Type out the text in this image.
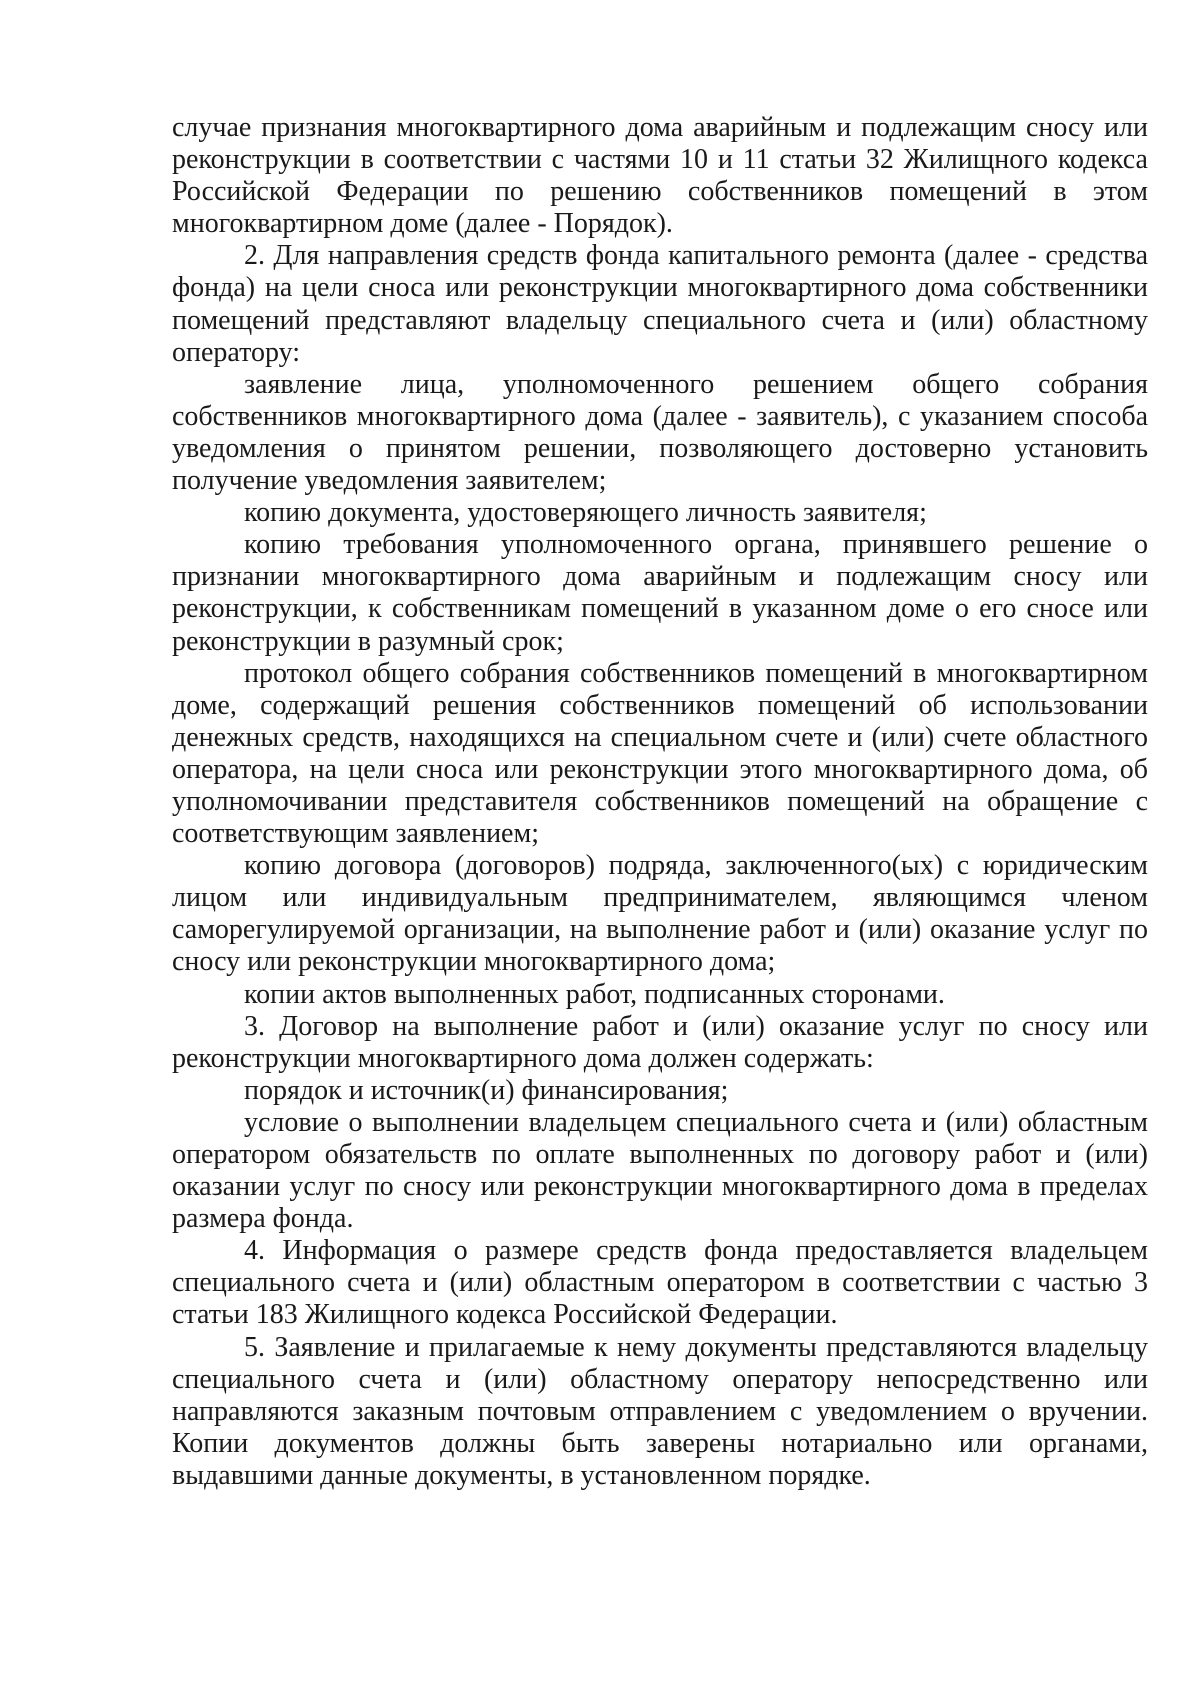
случае признания многоквартирного дома аварийным и подлежащим сносу или реконструкции в соответствии с частями 10 и 11 статьи 32 Жилищного кодекса Российской Федерации по решению собственников помещений в этом многоквартирном доме (далее - Порядок).

2. Для направления средств фонда капитального ремонта (далее - средства фонда) на цели сноса или реконструкции многоквартирного дома собственники помещений представляют владельцу специального счета и (или) областному оператору:

заявление лица, уполномоченного решением общего собрания собственников многоквартирного дома (далее - заявитель), с указанием способа уведомления о принятом решении, позволяющего достоверно установить получение уведомления заявителем;

копию документа, удостоверяющего личность заявителя;

копию требования уполномоченного органа, принявшего решение о признании многоквартирного дома аварийным и подлежащим сносу или реконструкции, к собственникам помещений в указанном доме о его сносе или реконструкции в разумный срок;

протокол общего собрания собственников помещений в многоквартирном доме, содержащий решения собственников помещений об использовании денежных средств, находящихся на специальном счете и (или) счете областного оператора, на цели сноса или реконструкции этого многоквартирного дома, об уполномочивании представителя собственников помещений на обращение с соответствующим заявлением;

копию договора (договоров) подряда, заключенного(ых) с юридическим лицом или индивидуальным предпринимателем, являющимся членом саморегулируемой организации, на выполнение работ и (или) оказание услуг по сносу или реконструкции многоквартирного дома;

копии актов выполненных работ, подписанных сторонами.

3. Договор на выполнение работ и (или) оказание услуг по сносу или реконструкции многоквартирного дома должен содержать:

порядок и источник(и) финансирования;

условие о выполнении владельцем специального счета и (или) областным оператором обязательств по оплате выполненных по договору работ и (или) оказании услуг по сносу или реконструкции многоквартирного дома в пределах размера фонда.

4. Информация о размере средств фонда предоставляется владельцем специального счета и (или) областным оператором в соответствии с частью 3 статьи 183 Жилищного кодекса Российской Федерации.

5. Заявление и прилагаемые к нему документы представляются владельцу специального счета и (или) областному оператору непосредственно или направляются заказным почтовым отправлением с уведомлением о вручении. Копии документов должны быть заверены нотариально или органами, выдавшими данные документы, в установленном порядке.
